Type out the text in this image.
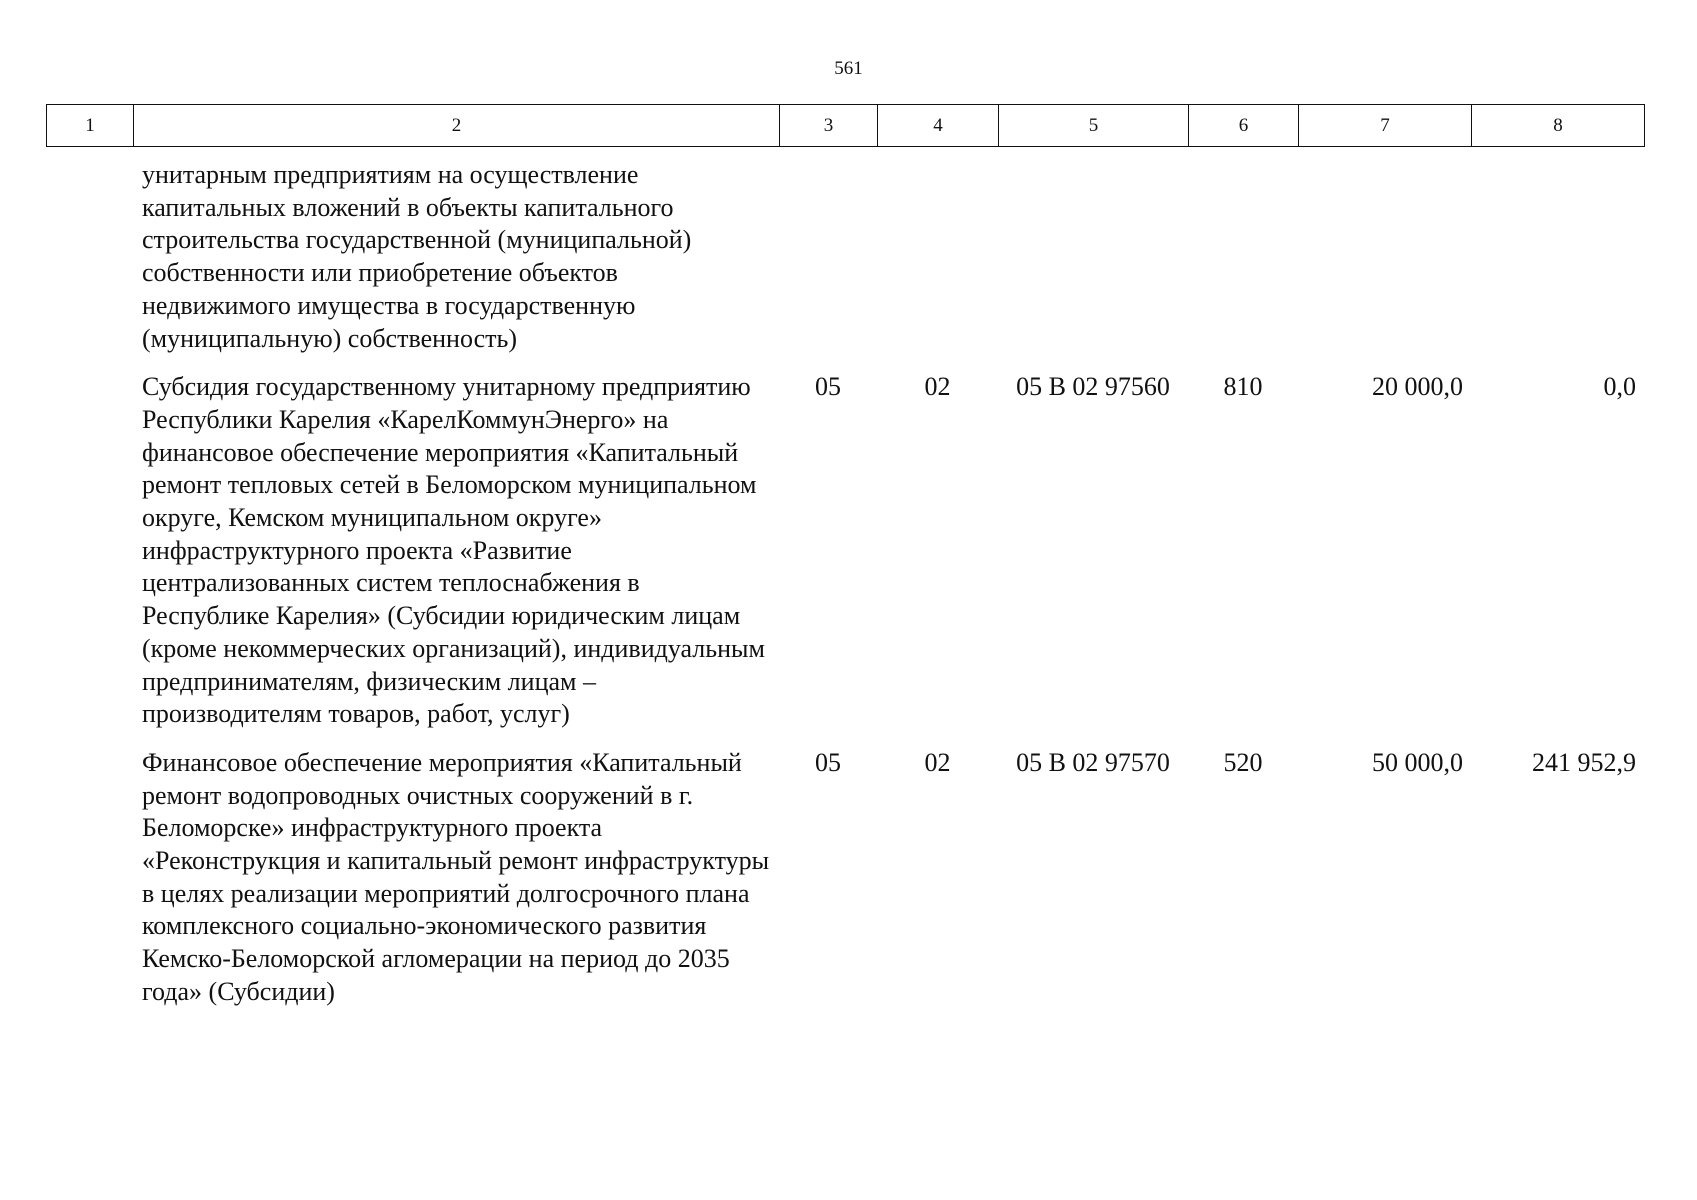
561
1	2	3	4	5	6	7	8
	унитарным предприятиям на осуществление капитальных вложений в объекты капитального строительства государственной (муниципальной) собственности или приобретение объектов недвижимого имущества в государственную (муниципальную) собственность)						
	Субсидия государственному унитарному предприятию Республики Карелия «КарелКоммунЭнерго» на финансовое обеспечение мероприятия «Капитальный ремонт тепловых сетей в Беломорском муниципальном округе, Кемском муниципальном округе» инфраструктурного проекта «Развитие централизованных систем теплоснабжения в Республике Карелия» (Субсидии юридическим лицам (кроме некоммерческих организаций), индивидуальным предпринимателям, физическим лицам – производителям товаров, работ, услуг)	05	02	05 В 02 97560	810	20 000,0	0,0
	Финансовое обеспечение мероприятия «Капитальный ремонт водопроводных очистных сооружений в г. Беломорске» инфраструктурного проекта «Реконструкция и капитальный ремонт инфраструктуры в целях реализации мероприятий долгосрочного плана комплексного социально-экономического развития Кемско-Беломорской агломерации на период до 2035 года» (Субсидии)	05	02	05 В 02 97570	520	50 000,0	241 952,9
